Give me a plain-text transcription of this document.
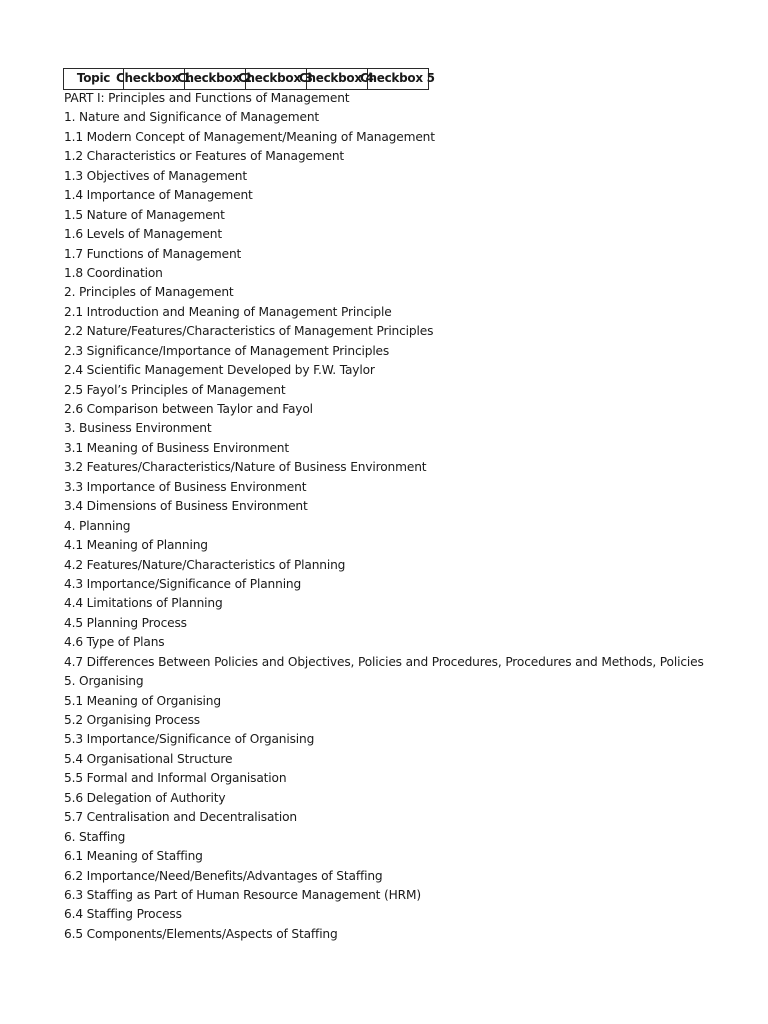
Topic Checkbox 1
Checkbox 2
Checkbox 3
Checkbox 4
Checkbox 5
PART I: Principles and Functions of Management
1. Nature and Significance of Management
1.1 Modern Concept of Management/Meaning of Management
1.2 Characteristics or Features of Management
1.3 Objectives of Management
1.4 Importance of Management
1.5 Nature of Management
1.6 Levels of Management
1.7 Functions of Management
1.8 Coordination
2. Principles of Management
2.1 Introduction and Meaning of Management Principle
2.2 Nature/Features/Characteristics of Management Principles
2.3 Significance/Importance of Management Principles
2.4 Scientific Management Developed by F.W. Taylor
2.5 Fayol’s Principles of Management
2.6 Comparison between Taylor and Fayol
3. Business Environment
3.1 Meaning of Business Environment
3.2 Features/Characteristics/Nature of Business Environment
3.3 Importance of Business Environment
3.4 Dimensions of Business Environment
4. Planning
4.1 Meaning of Planning
4.2 Features/Nature/Characteristics of Planning
4.3 Importance/Significance of Planning
4.4 Limitations of Planning
4.5 Planning Process
4.6 Type of Plans
4.7 Differences Between Policies and Objectives, Policies and Procedures, Procedures and Methods, Policies
5. Organising
5.1 Meaning of Organising
5.2 Organising Process
5.3 Importance/Significance of Organising
5.4 Organisational Structure
5.5 Formal and Informal Organisation
5.6 Delegation of Authority
5.7 Centralisation and Decentralisation
6. Staffing
6.1 Meaning of Staffing
6.2 Importance/Need/Benefits/Advantages of Staffing
6.3 Staffing as Part of Human Resource Management (HRM)
6.4 Staffing Process
6.5 Components/Elements/Aspects of Staffing
